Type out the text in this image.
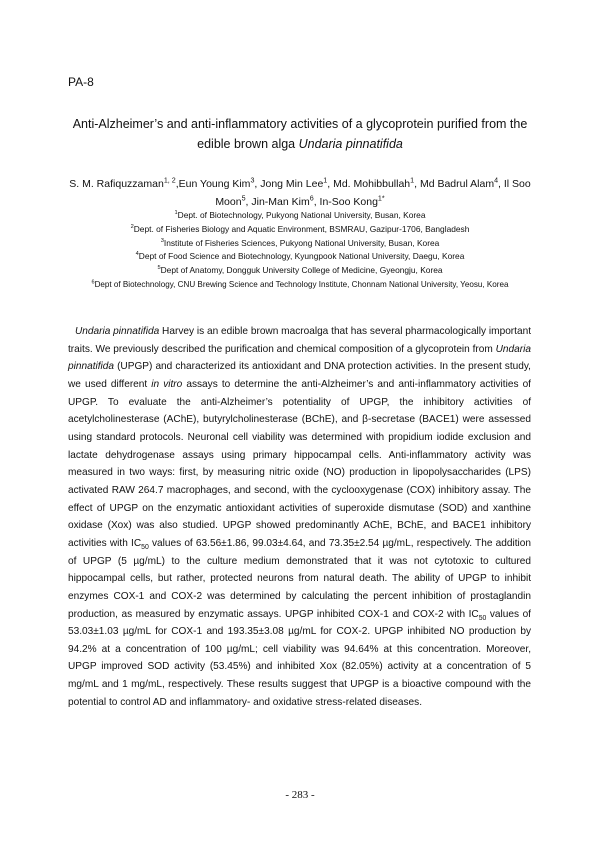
PA-8
Anti-Alzheimer’s and anti-inflammatory activities of a glycoprotein purified from the
edible brown alga Undaria pinnatifida
S. M. Rafiquzzaman$^{1, 2}$,Eun Young Kim$^3$, Jong Min Lee$^1$, Md. Mohibbullah$^1$, Md Badrul Alam$^4$, Il Soo Moon$^5$, Jin-Man Kim$^6$, In-Soo Kong$^{1*}$
$^1$Dept. of Biotechnology, Pukyong National University, Busan, Korea
$^2$Dept. of Fisheries Biology and Aquatic Environment, BSMRAU, Gazipur-1706, Bangladesh
$^3$Institute of Fisheries Sciences, Pukyong National University, Busan, Korea
$^4$Dept of Food Science and Biotechnology, Kyungpook National University, Daegu, Korea
$^5$Dept of Anatomy, Dongguk University College of Medicine, Gyeongju, Korea
$^6$Dept of Biotechnology, CNU Brewing Science and Technology Institute, Chonnam National University, Yeosu, Korea

Undaria pinnatifida Harvey is an edible brown macroalga that has several pharmacologically important traits. We previously described the purification and chemical composition of a glycoprotein from Undaria pinnatifida (UPGP) and characterized its antioxidant and DNA protection activities. In the present study, we used different in vitro assays to determine the anti-Alzheimer’s and anti-inflammatory activities of UPGP. To evaluate the anti-Alzheimer’s potentiality of UPGP, the inhibitory activities of acetylcholinesterase (AChE), butyrylcholinesterase (BChE), and β-secretase (BACE1) were assessed using standard protocols. Neuronal cell viability was determined with propidium iodide exclusion and lactate dehydrogenase assays using primary hippocampal cells. Anti-inflammatory activity was measured in two ways: first, by measuring nitric oxide (NO) production in lipopolysaccharides (LPS) activated RAW 264.7 macrophages, and second, with the cyclooxygenase (COX) inhibitory assay. The effect of UPGP on the enzymatic antioxidant activities of superoxide dismutase (SOD) and xanthine oxidase (Xox) was also studied. UPGP showed predominantly AChE, BChE, and BACE1 inhibitory activities with $IC_{50}$ values of 63.56±1.86, 99.03±4.64, and 73.35±2.54 µg/mL, respectively. The addition of UPGP (5 µg/mL) to the culture medium demonstrated that it was not cytotoxic to cultured hippocampal cells, but rather, protected neurons from natural death. The ability of UPGP to inhibit enzymes COX-1 and COX-2 was determined by calculating the percent inhibition of prostaglandin production, as measured by enzymatic assays. UPGP inhibited COX-1 and COX-2 with $IC_{50}$ values of 53.03±1.03 µg/mL for COX-1 and 193.35±3.08 µg/mL for COX-2. UPGP inhibited NO production by 94.2% at a concentration of 100 µg/mL; cell viability was 94.64% at this concentration. Moreover, UPGP improved SOD activity (53.45%) and inhibited Xox (82.05%) activity at a concentration of 5 mg/mL and 1 mg/mL, respectively. These results suggest that UPGP is a bioactive compound with the potential to control AD and inflammatory- and oxidative stress-related diseases.

- 283 -
